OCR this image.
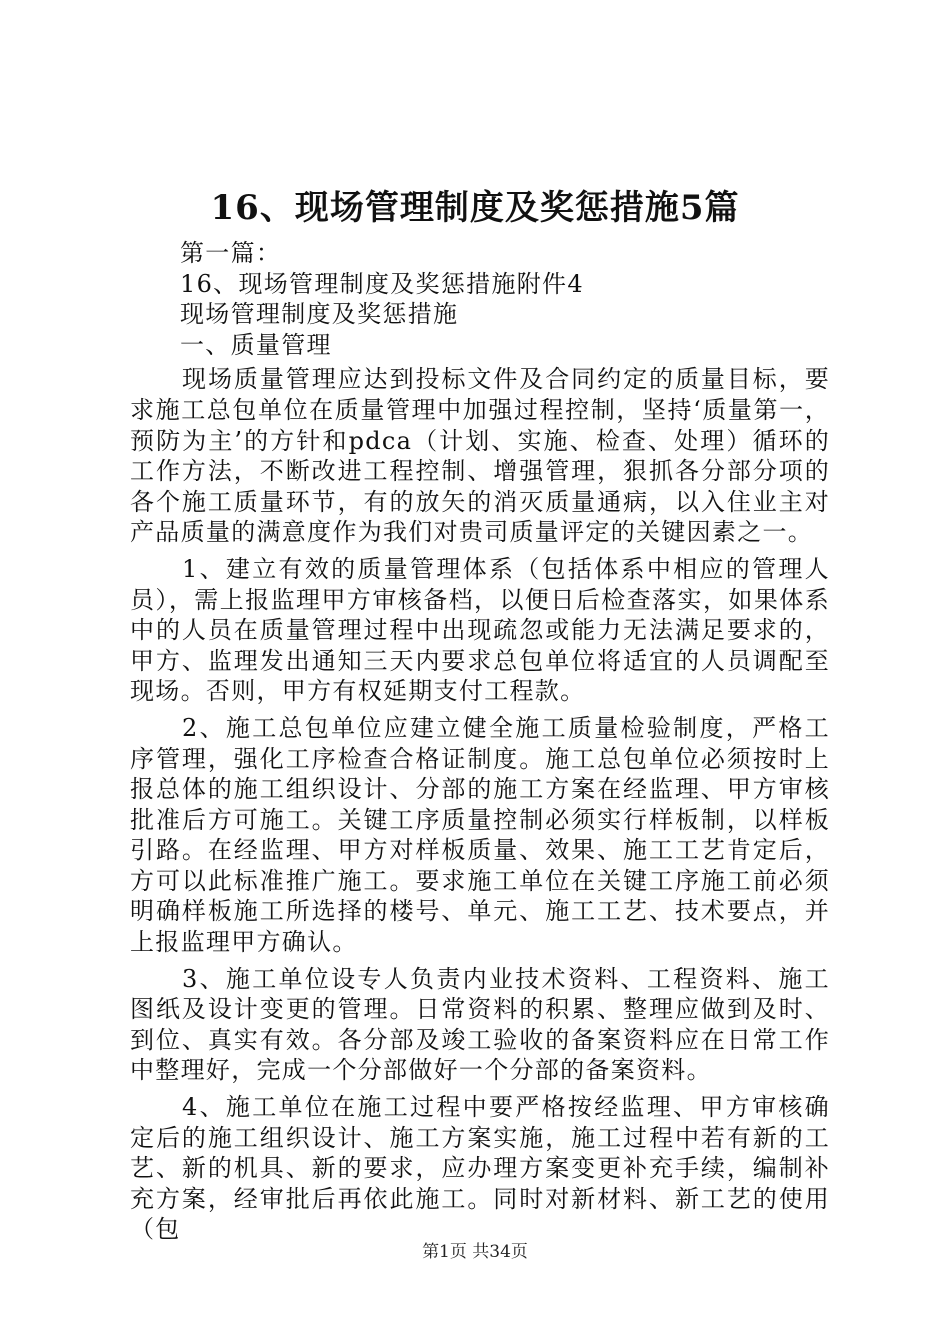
16、现场管理制度及奖惩措施5篇

第一篇：

16、现场管理制度及奖惩措施附件4

现场管理制度及奖惩措施

一、质量管理

现场质量管理应达到投标文件及合同约定的质量目标，要求施工总包单位在质量管理中加强过程控制，坚持‘质量第一，预防为主’的方针和pdca（计划、实施、检查、处理）循环的工作方法，不断改进工程控制、增强管理，狠抓各分部分项的各个施工质量环节，有的放矢的消灭质量通病，以入住业主对产品质量的满意度作为我们对贵司质量评定的关键因素之一。

1、建立有效的质量管理体系（包括体系中相应的管理人员），需上报监理甲方审核备档，以便日后检查落实，如果体系中的人员在质量管理过程中出现疏忽或能力无法满足要求的，甲方、监理发出通知三天内要求总包单位将适宜的人员调配至现场。否则，甲方有权延期支付工程款。

2、施工总包单位应建立健全施工质量检验制度，严格工序管理，强化工序检查合格证制度。施工总包单位必须按时上报总体的施工组织设计、分部的施工方案在经监理、甲方审核批准后方可施工。关键工序质量控制必须实行样板制，以样板引路。在经监理、甲方对样板质量、效果、施工工艺肯定后，方可以此标准推广施工。要求施工单位在关键工序施工前必须明确样板施工所选择的楼号、单元、施工工艺、技术要点，并上报监理甲方确认。

3、施工单位设专人负责内业技术资料、工程资料、施工图纸及设计变更的管理。日常资料的积累、整理应做到及时、到位、真实有效。各分部及竣工验收的备案资料应在日常工作中整理好，完成一个分部做好一个分部的备案资料。

4、施工单位在施工过程中要严格按经监理、甲方审核确定后的施工组织设计、施工方案实施，施工过程中若有新的工艺、新的机具、新的要求，应办理方案变更补充手续，编制补充方案，经审批后再依此施工。同时对新材料、新工艺的使用（包

第1页 共34页
